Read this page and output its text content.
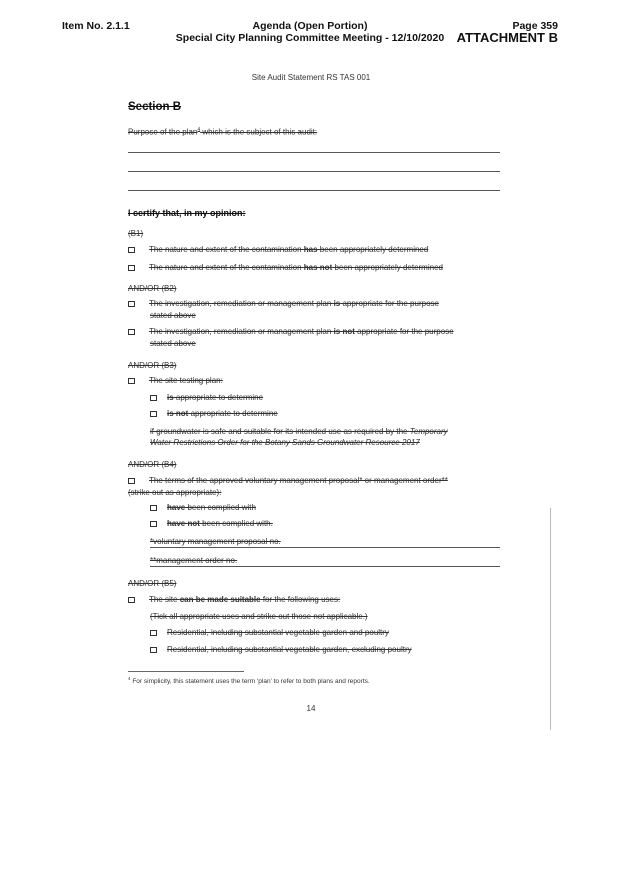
Item No. 2.1.1	Agenda (Open Portion)
Special City Planning Committee Meeting - 12/10/2020
Page 359
ATTACHMENT B
Site Audit Statement RS TAS 001
Section B
Purpose of the plan$^4$ which is the subject of this audit:
I certify that, in my opinion:
(B1)
The nature and extent of the contamination has been appropriately determined
The nature and extent of the contamination has not been appropriately determined
AND/OR (B2)
The investigation, remediation or management plan is appropriate for the purpose
stated above
The investigation, remediation or management plan is not appropriate for the purpose
stated above
AND/OR (B3)
The site testing plan:
is appropriate to determine
is not appropriate to determine
if groundwater is safe and suitable for its intended use as required by the Temporary
Water Restrictions Order for the Botany Sands Groundwater Resource 2017
AND/OR (B4)
The terms of the approved voluntary management proposal* or management order**
(strike out as appropriate):
have been complied with
have not been complied with.
*voluntary management proposal no.
**management order no.
AND/OR (B5)
The site can be made suitable for the following uses:
(Tick all appropriate uses and strike out those not applicable.)
Residential, including substantial vegetable garden and poultry
Residential, including substantial vegetable garden, excluding poultry
$^4$ For simplicity, this statement uses the term ‘plan’ to refer to both plans and reports.
14
